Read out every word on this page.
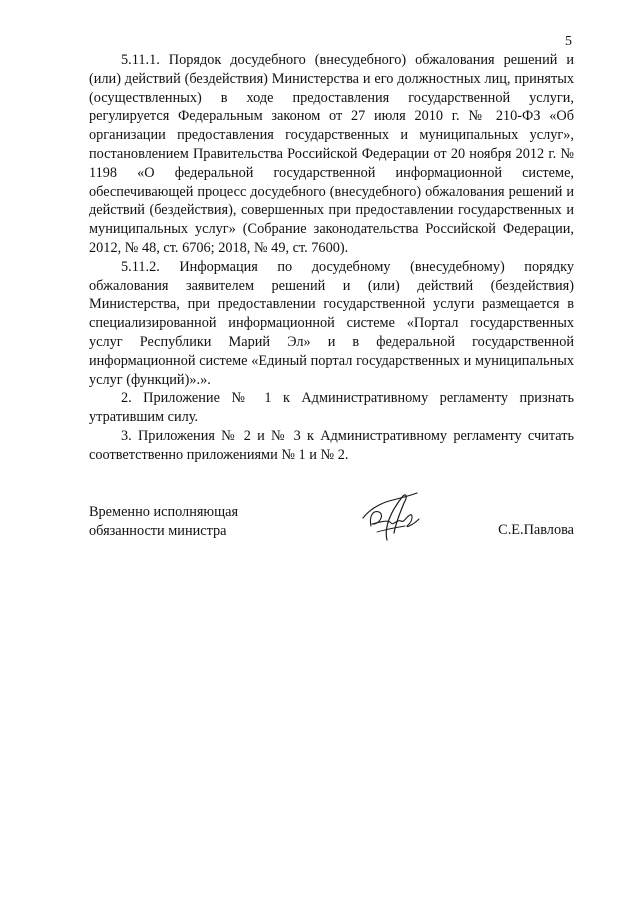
5

5.11.1. Порядок досудебного (внесудебного) обжалования решений и (или) действий (бездействия) Министерства и его должностных лиц, принятых (осуществленных) в ходе предоставления государственной услуги, регулируется Федеральным законом от 27 июля 2010 г. № 210-ФЗ «Об организации предоставления государственных и муниципальных услуг», постановлением Правительства Российской Федерации от 20 ноября 2012 г. № 1198 «О федеральной государственной информационной системе, обеспечивающей процесс досудебного (внесудебного) обжалования решений и действий (бездействия), совершенных при предоставлении государственных и муниципальных услуг» (Собрание законодательства Российской Федерации, 2012, № 48, ст. 6706; 2018, № 49, ст. 7600).

5.11.2. Информация по досудебному (внесудебному) порядку обжалования заявителем решений и (или) действий (бездействия) Министерства, при предоставлении государственной услуги размещается в специализированной информационной системе «Портал государственных услуг Республики Марий Эл» и в федеральной государственной информационной системе «Единый портал государственных и муниципальных услуг (функций)».».

2. Приложение № 1 к Административному регламенту признать утратившим силу.

3. Приложения № 2 и № 3 к Административному регламенту считать соответственно приложениями № 1 и № 2.

Временно исполняющая
обязанности министра	С.Е.Павлова
